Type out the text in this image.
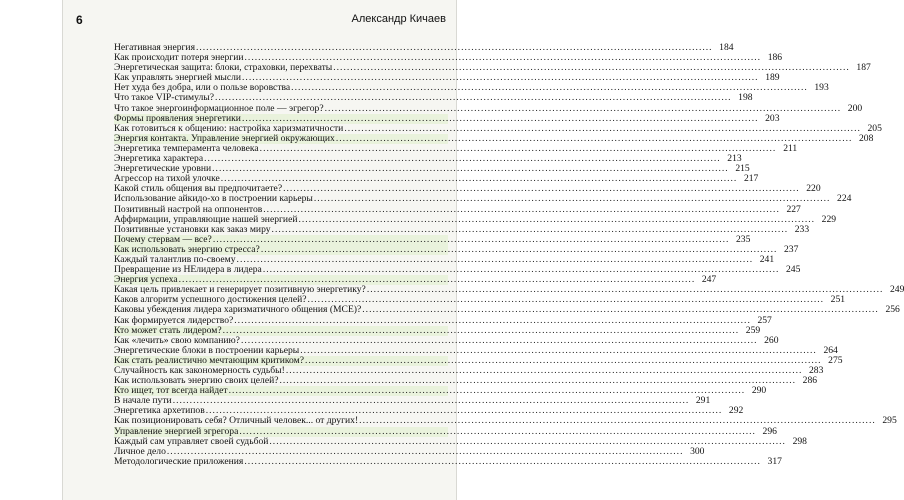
6	Александр Кичаев
Негативная энергия .....	184
Как происходит потеря энергии .....	186
Энергетическая защита: блоки, страховки, перехваты .....	187
Как управлять энергией мысли .....	189
Нет худа без добра, или о пользе воровства .....	193
Что такое VIP-стимулы? .....	198
Что такое энергоинформационное поле — эгрегор? .....	200
Формы проявления энергетики .....	203
Как готовиться к общению: настройка харизматичности .....	205
Энергия контакта. Управление энергией окружающих .....	208
Энергетика темперамента человека .....	211
Энергетика характера .....	213
Энергетические уровни .....	215
Агрессор на тихой улочке .....	217
Какой стиль общения вы предпочитаете? .....	220
Использование айкидо-хо в построении карьеры .....	224
Позитивный настрой на оппонентов .....	227
Аффирмации, управляющие нашей энергией .....	229
Позитивные установки как заказ миру .....	233
Почему стервам — все? .....	235
Как использовать энергию стресса? .....	237
Каждый талантлив по-своему .....	241
Превращение из НЕлидера в лидера .....	245
Энергия успеха .....	247
Какая цель привлекает и генерирует позитивную энергетику? .....	249
Каков алгоритм успешного достижения целей? .....	251
Каковы убеждения лидера харизматичного общения (МСЕ)? .....	256
Как формируется лидерство? .....	257
Кто может стать лидером? .....	259
Как «лечить» свою компанию? .....	260
Энергетические блоки в построении карьеры .....	264
Как стать реалистично мечтающим критиком? .....	275
Случайность как закономерность судьбы! .....	283
Как использовать энергию своих целей? .....	286
Кто ищет, тот всегда найдет .....	290
В начале пути .....	291
Энергетика архетипов .....	292
Как позиционировать себя? Отличный человек... от других! .....	295
Управление энергией эгрегора .....	296
Каждый сам управляет своей судьбой .....	298
Личное дело .....	300
Методологические приложения .....	317
